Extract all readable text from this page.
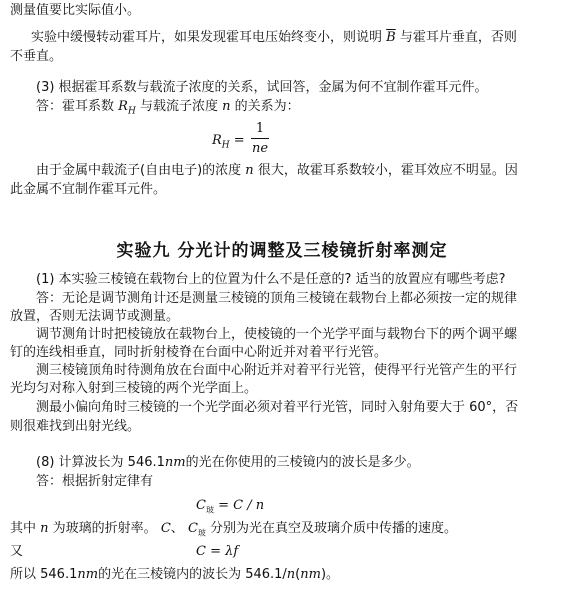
测量值要比实际值小。
实验中缓慢转动霍耳片，如果发现霍耳电压始终变小，则说明 $\overline{B}$ 与霍耳片垂直，否则
不垂直。
(3) 根据霍耳系数与载流子浓度的关系，试回答，金属为何不宜制作霍耳元件。
答：霍耳系数 $R_H$ 与载流子浓度 n 的关系为：
$R_H$ =
1
ne
由于金属中载流子(自由电子)的浓度 n 很大，故霍耳系数较小，霍耳效应不明显。因
此金属不宜制作霍耳元件。
实验九 分光计的调整及三棱镜折射率测定
(1) 本实验三棱镜在载物台上的位置为什么不是任意的? 适当的放置应有哪些考虑?
答：无论是调节测角计还是测量三棱镜的顶角三棱镜在载物台上都必须按一定的规律
放置，否则无法调节或测量。
调节测角计时把棱镜放在载物台上，使棱镜的一个光学平面与载物台下的两个调平螺
钉的连线相垂直，同时折射棱脊在台面中心附近并对着平行光管。
测三棱镜顶角时待测角放在台面中心附近并对着平行光管，使得平行光管产生的平行
光均匀对称入射到三棱镜的两个光学面上。
测最小偏向角时三棱镜的一个光学面必须对着平行光管，同时入射角要大于 60°，否
则很难找到出射光线。
(8) 计算波长为 546.1nm的光在你使用的三棱镜内的波长是多少。
答：根据折射定律有
$C_玻 = C / n$
其中 n 为玻璃的折射率。 C、 $C_玻$ 分别为光在真空及玻璃介质中传播的速度。
又	C = λf
所以 546.1nm的光在三棱镜内的波长为 546.1/n(nm)。
